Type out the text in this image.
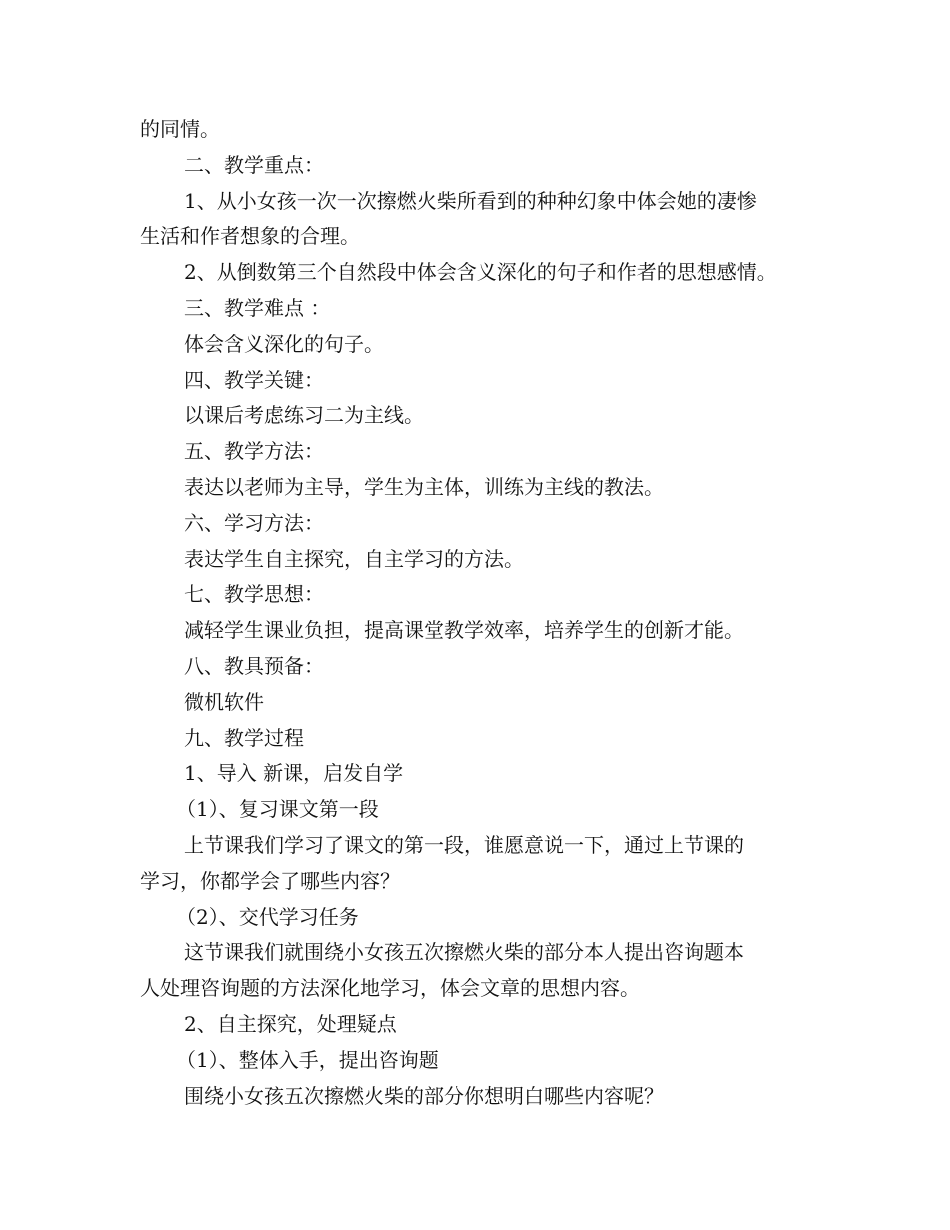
的同情。
二、教学重点：
1、从小女孩一次一次擦燃火柴所看到的种种幻象中体会她的凄惨
生活和作者想象的合理。
2、从倒数第三个自然段中体会含义深化的句子和作者的思想感情。
三、教学难点 ：
体会含义深化的句子。
四、教学关键：
以课后考虑练习二为主线。
五、教学方法：
表达以老师为主导，学生为主体，训练为主线的教法。
六、学习方法：
表达学生自主探究，自主学习的方法。
七、教学思想：
减轻学生课业负担，提高课堂教学效率，培养学生的创新才能。
八、教具预备：
微机软件
九、教学过程
1、导入 新课，启发自学
（1）、复习课文第一段
上节课我们学习了课文的第一段，谁愿意说一下，通过上节课的
学习，你都学会了哪些内容？
（2）、交代学习任务
这节课我们就围绕小女孩五次擦燃火柴的部分本人提出咨询题本
人处理咨询题的方法深化地学习，体会文章的思想内容。
2、自主探究，处理疑点
（1）、整体入手，提出咨询题
围绕小女孩五次擦燃火柴的部分你想明白哪些内容呢？
